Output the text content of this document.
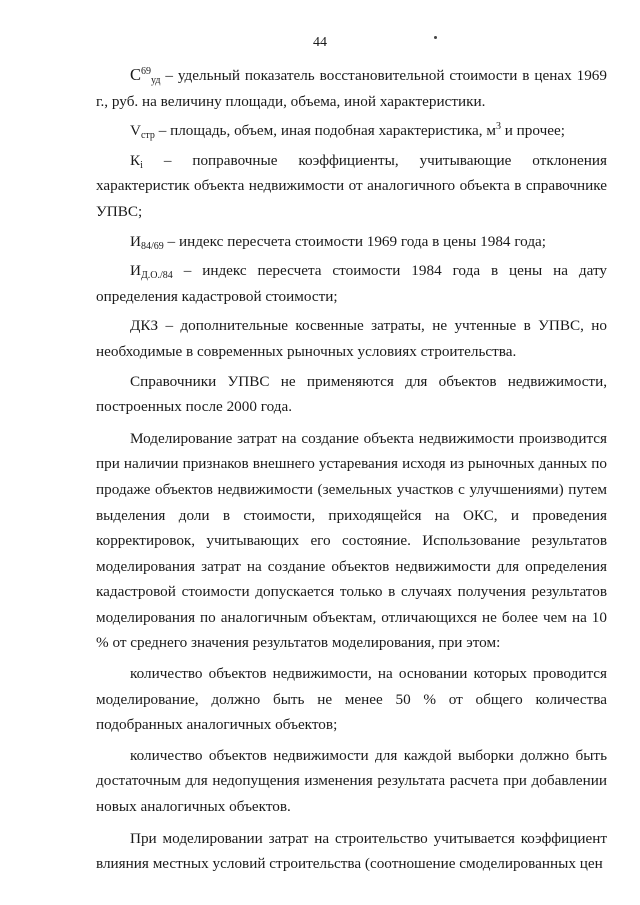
44

$С^{69}_{уд}$ – удельный показатель восстановительной стоимости в ценах 1969 г., руб. на величину площади, объема, иной характеристики.

$V_{стр}$ – площадь, объем, иная подобная характеристика, $м^3$ и прочее;

$К_i$ – поправочные коэффициенты, учитывающие отклонения характеристик объекта недвижимости от аналогичного объекта в справочнике УПВС;

$И_{84/69}$ – индекс пересчета стоимости 1969 года в цены 1984 года;

$И_{Д.О./84}$ – индекс пересчета стоимости 1984 года в цены на дату определения кадастровой стоимости;

ДКЗ – дополнительные косвенные затраты, не учтенные в УПВС, но необходимые в современных рыночных условиях строительства.

Справочники УПВС не применяются для объектов недвижимости, построенных после 2000 года.

Моделирование затрат на создание объекта недвижимости производится при наличии признаков внешнего устаревания исходя из рыночных данных по продаже объектов недвижимости (земельных участков с улучшениями) путем выделения доли в стоимости, приходящейся на ОКС, и проведения корректировок, учитывающих его состояние. Использование результатов моделирования затрат на создание объектов недвижимости для определения кадастровой стоимости допускается только в случаях получения результатов моделирования по аналогичным объектам, отличающихся не более чем на 10 % от среднего значения результатов моделирования, при этом:

количество объектов недвижимости, на основании которых проводится моделирование, должно быть не менее 50 % от общего количества подобранных аналогичных объектов;

количество объектов недвижимости для каждой выборки должно быть достаточным для недопущения изменения результата расчета при добавлении новых аналогичных объектов.

При моделировании затрат на строительство учитывается коэффициент влияния местных условий строительства (соотношение смоделированных цен
